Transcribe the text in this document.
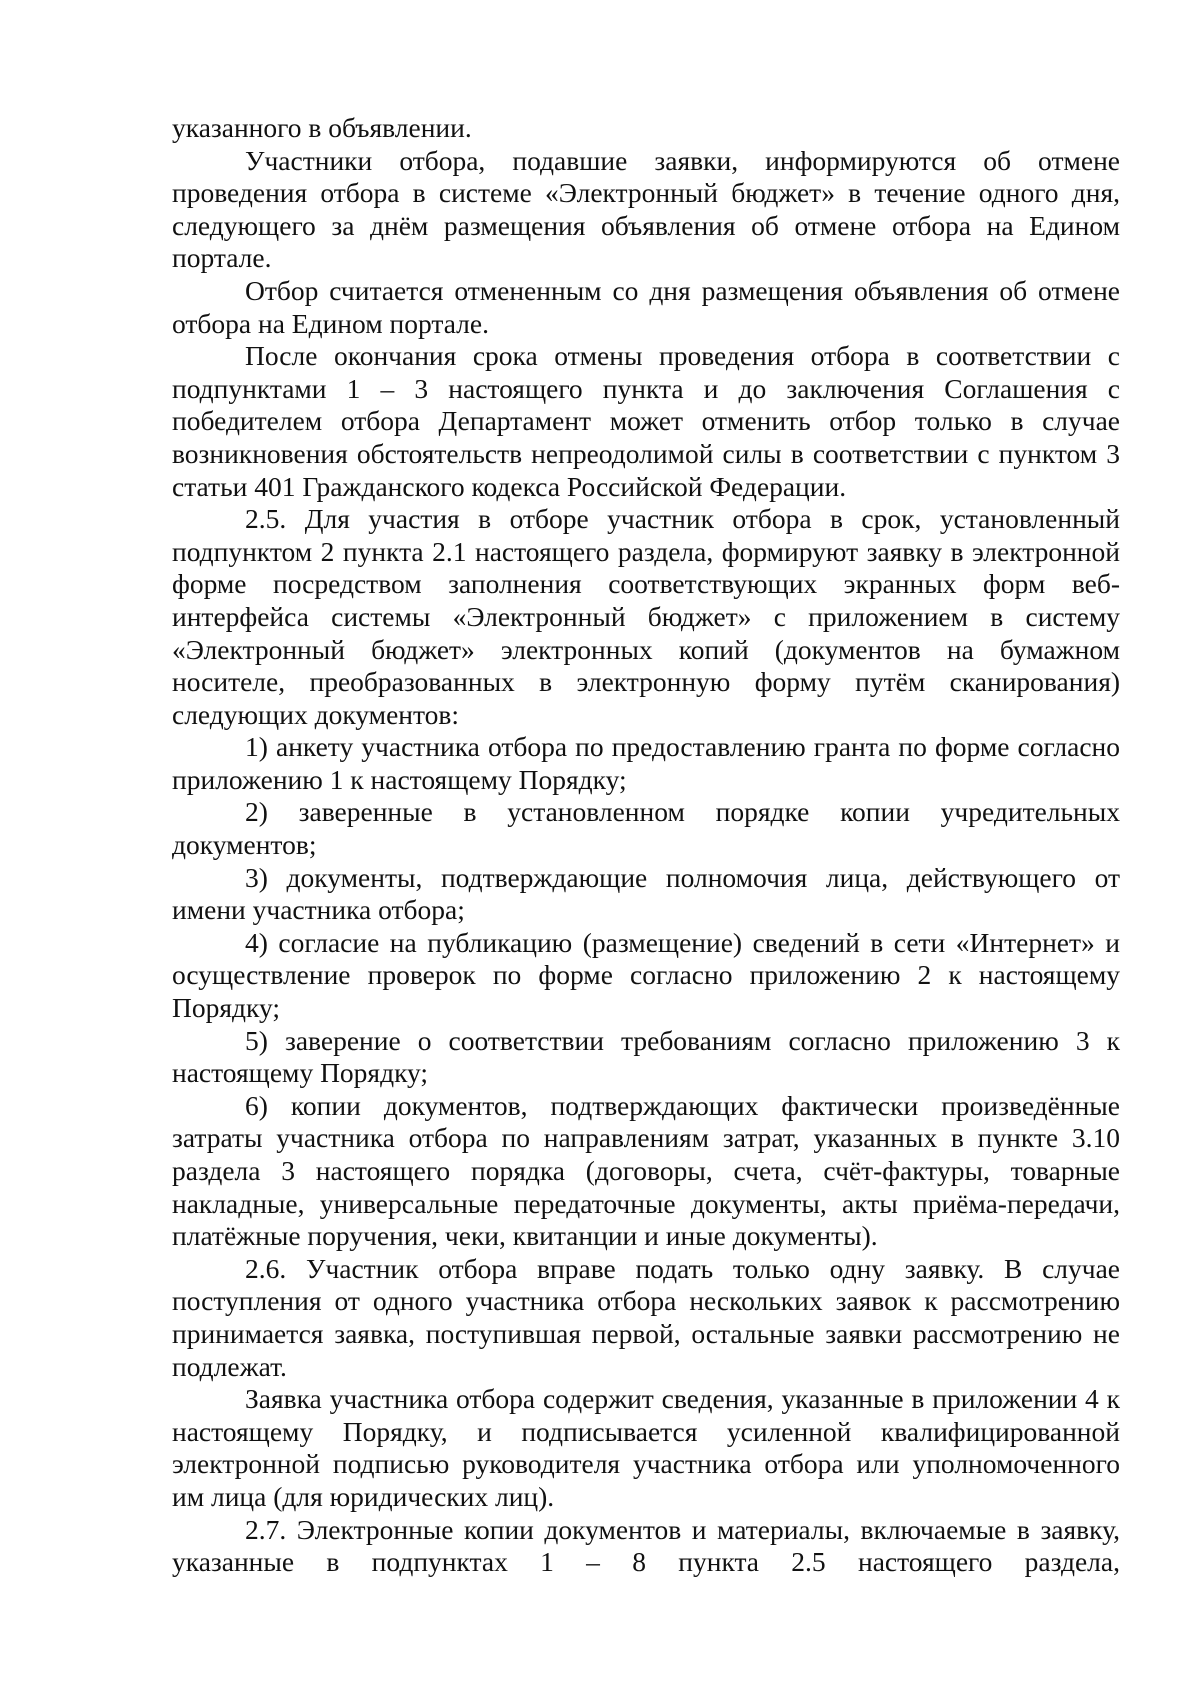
указанного в объявлении.

Участники отбора, подавшие заявки, информируются об отмене проведения отбора в системе «Электронный бюджет» в течение одного дня, следующего за днём размещения объявления об отмене отбора на Едином портале.

Отбор считается отмененным со дня размещения объявления об отмене отбора на Едином портале.

После окончания срока отмены проведения отбора в соответствии с подпунктами 1 – 3 настоящего пункта и до заключения Соглашения с победителем отбора Департамент может отменить отбор только в случае возникновения обстоятельств непреодолимой силы в соответствии с пунктом 3 статьи 401 Гражданского кодекса Российской Федерации.

2.5. Для участия в отборе участник отбора в срок, установленный подпунктом 2 пункта 2.1 настоящего раздела, формируют заявку в электронной форме посредством заполнения соответствующих экранных форм веб-интерфейса системы «Электронный бюджет» с приложением в систему «Электронный бюджет» электронных копий (документов на бумажном носителе, преобразованных в электронную форму путём сканирования) следующих документов:

1) анкету участника отбора по предоставлению гранта по форме согласно приложению 1 к настоящему Порядку;

2) заверенные в установленном порядке копии учредительных документов;

3) документы, подтверждающие полномочия лица, действующего от имени участника отбора;

4) согласие на публикацию (размещение) сведений в сети «Интернет» и осуществление проверок по форме согласно приложению 2 к настоящему Порядку;

5) заверение о соответствии требованиям согласно приложению 3 к настоящему Порядку;

6) копии документов, подтверждающих фактически произведённые затраты участника отбора по направлениям затрат, указанных в пункте 3.10 раздела 3 настоящего порядка (договоры, счета, счёт-фактуры, товарные накладные, универсальные передаточные документы, акты приёма-передачи, платёжные поручения, чеки, квитанции и иные документы).

2.6. Участник отбора вправе подать только одну заявку. В случае поступления от одного участника отбора нескольких заявок к рассмотрению принимается заявка, поступившая первой, остальные заявки рассмотрению не подлежат.

Заявка участника отбора содержит сведения, указанные в приложении 4 к настоящему Порядку, и подписывается усиленной квалифицированной электронной подписью руководителя участника отбора или уполномоченного им лица (для юридических лиц).

2.7. Электронные копии документов и материалы, включаемые в заявку, указанные в подпунктах 1 – 8 пункта 2.5 настоящего раздела,
